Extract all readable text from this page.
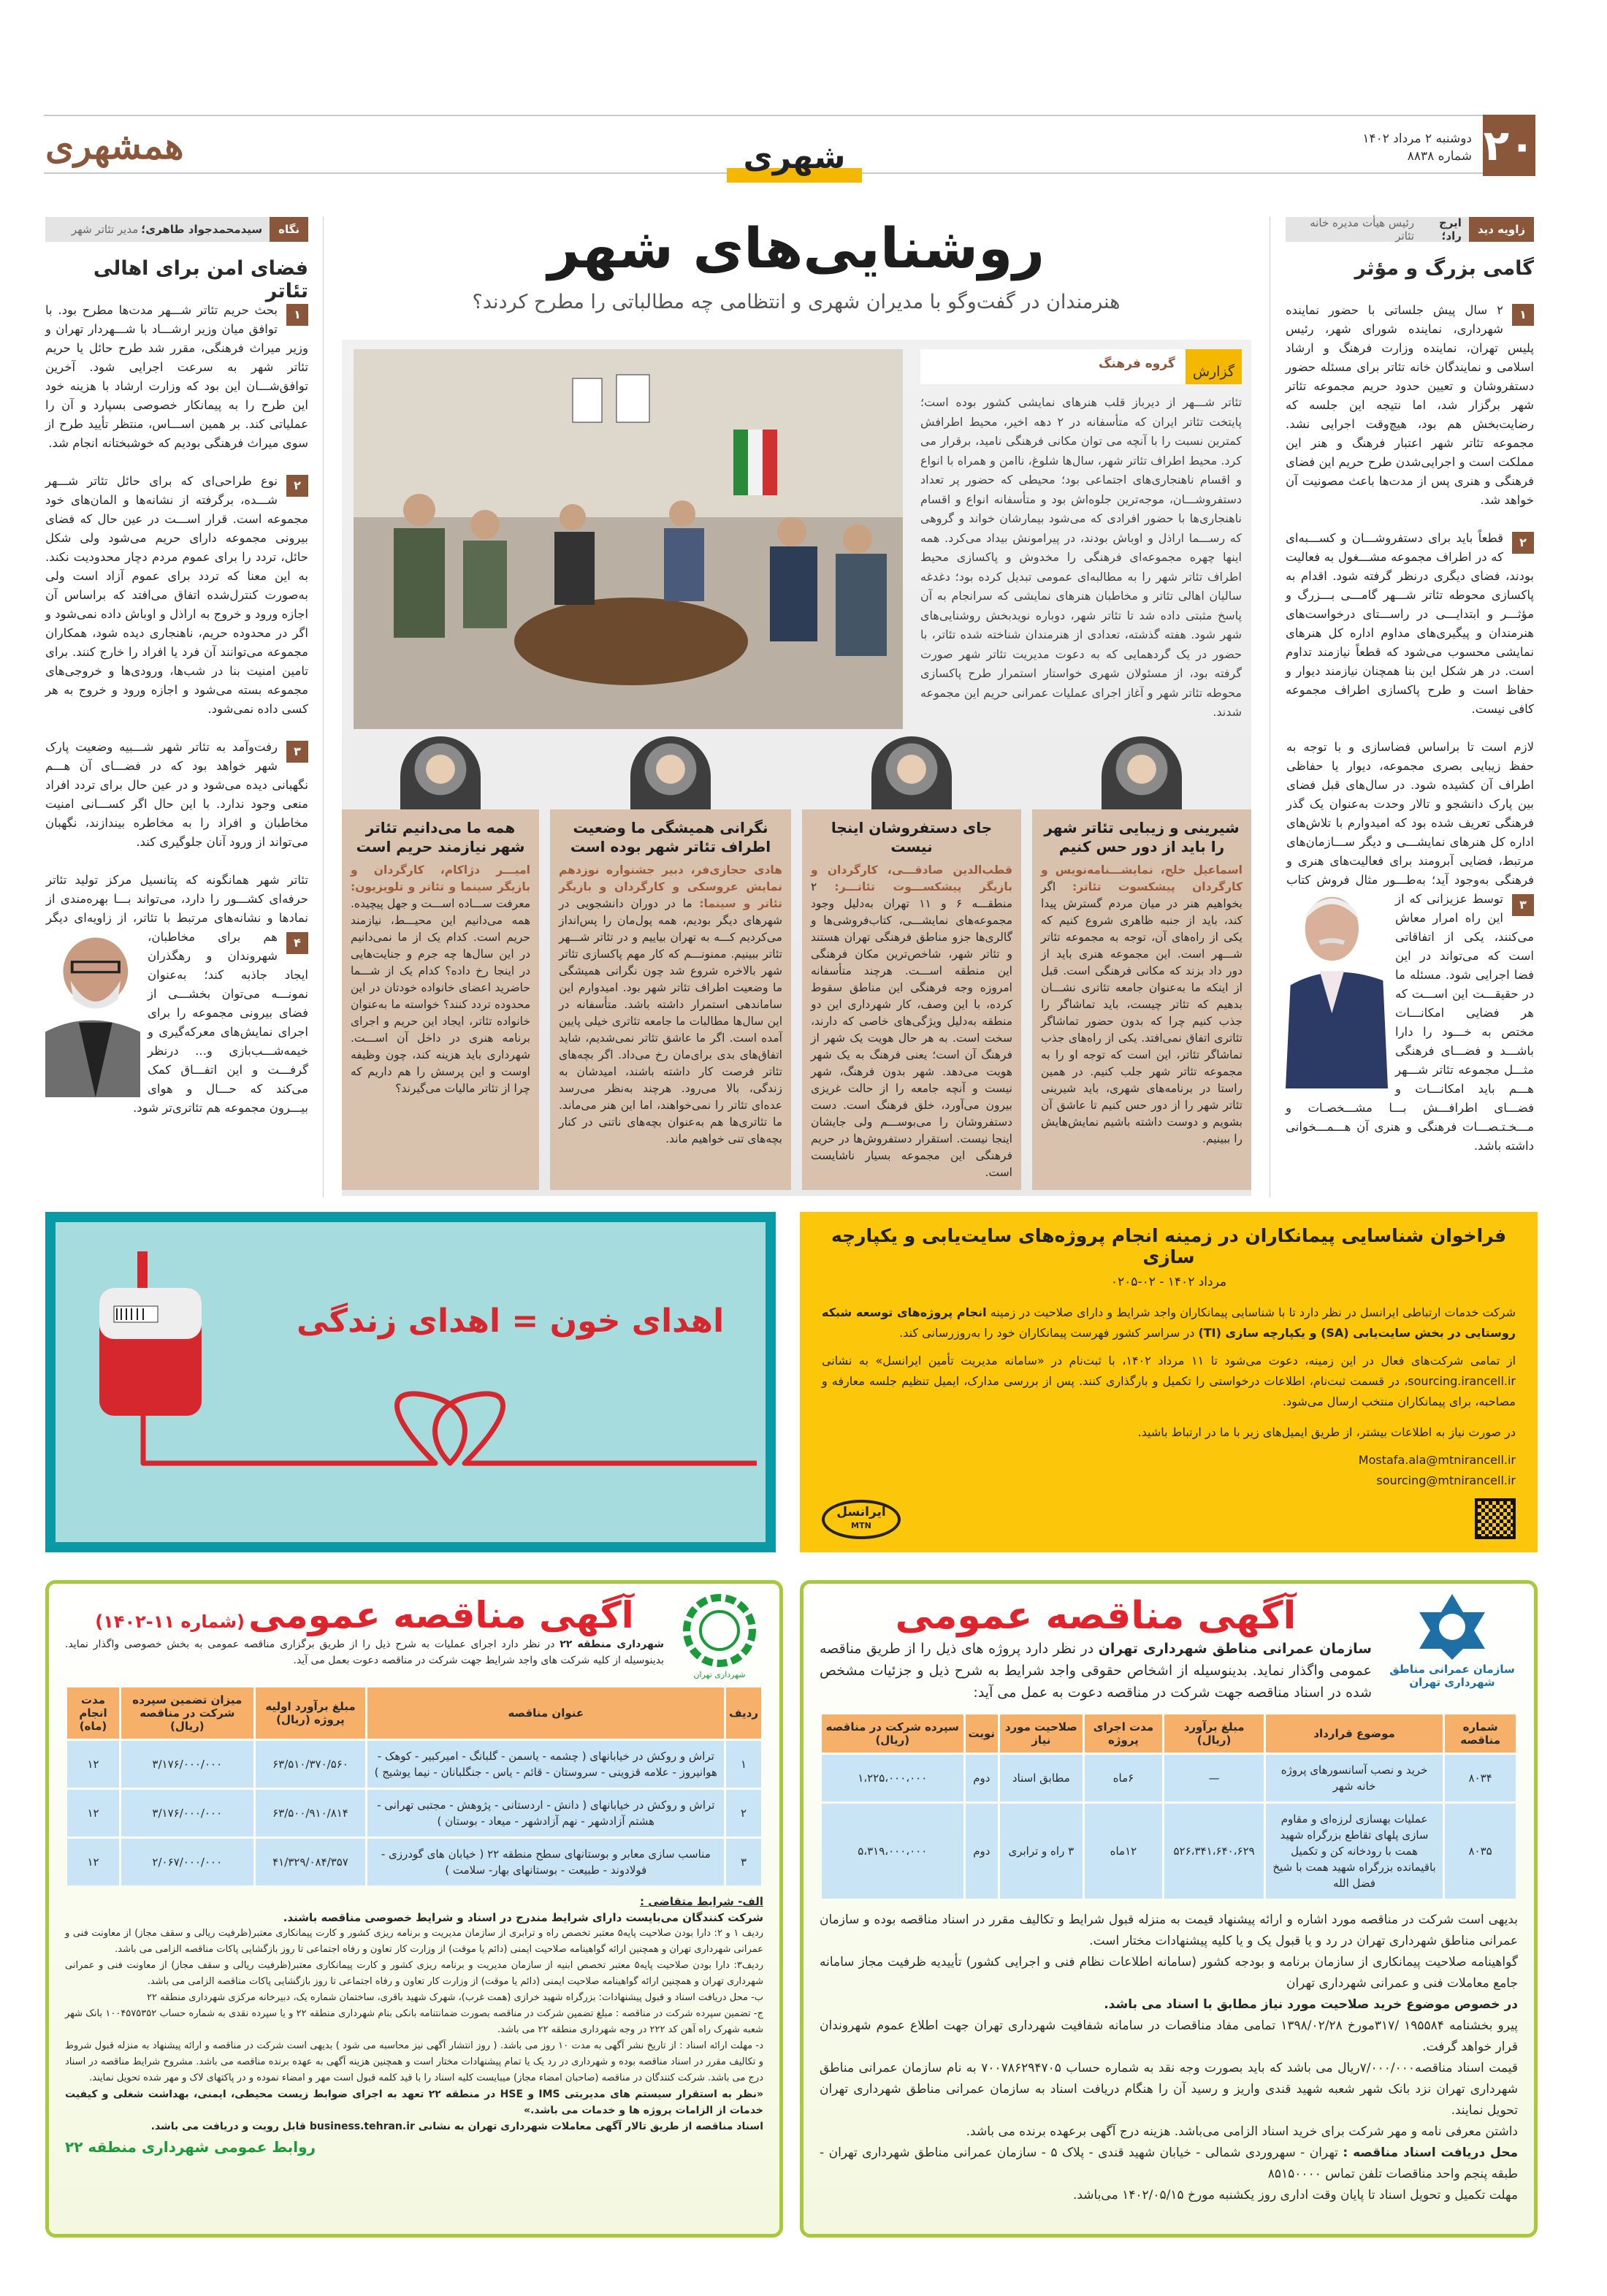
۲۰
دوشنبه ۲ مرداد ۱۴۰۲
شماره ۸۸۳۸
همشهری	شهری
زاویه دید
ایرج راد؛
رئیس هیأت مدیره خانه تئاتر
گامی بزرگ و مؤثر
۱
۲ سال پیش جلساتی با حضور نماینده شهرداری، نماینده شورای شهر، رئیس پلیس تهران، نماینده وزارت فرهنگ و ارشاد اسلامی و نمایندگان خانه تئاتر برای مسئله حضور دستفروشان و تعیین حدود حریم مجموعه تئاتر شهر برگزار شد، اما نتیجه این جلسه که رضایت‌بخش هم بود، هیچ‌وقت اجرایی نشد. مجموعه تئاتر شهر اعتبار فرهنگ و هنر این مملکت است و اجرایی‌شدن طرح حریم این فضای فرهنگی و هنری پس از مدت‌ها باعث مصونیت آن خواهد شد.
۲
قطعاً باید برای دستفروشـــان و کســـبه‌ای که در اطراف مجموعه مشـــغول به فعالیت بودند، فضای دیگری درنظر گرفته شود. اقدام به پاکسازی محوطه تئاتر شـــهر گامـــی بـــزرگ و مؤثـــر و ابتدایـــی در راســـتای درخواست‌های هنرمندان و پیگیری‌های مداوم اداره کل هنرهای نمایشی محسوب می‌شود که قطعاً نیازمند تداوم است. در هر شکل این بنا همچنان نیازمند دیوار و حفاظ است و طرح پاکسازی اطراف مجموعه کافی نیست.
۳
لازم است تا براساس فضاسازی و با توجه به حفظ زیبایی بصری مجموعه، دیوار یا حفاظی اطراف آن کشیده شود. در سال‌های قبل فضای بین پارک دانشجو و تالار وحدت به‌عنوان یک گذر فرهنگی تعریف شده بود که امیدوارم با تلاش‌های اداره کل هنرهای نمایشـــی و دیگر ســـازمان‌های مرتبط، فضایی آبرومند برای فعالیت‌های هنری و فرهنگی به‌وجود آید؛ به‌طـــور مثال فروش کتاب توسط عزیزانی که از این راه امرار معاش می‌کنند، یکی از اتفاقاتی است که می‌تواند در این فضا اجرایی شود. مسئله ما در حقیقـــت این اســـت که هر فضایی امکانـــات مختص به خـــود را دارا باشـــد و فضـــای فرهنگی مثـــل مجموعه تئاتر شـــهر هـــم باید امکانـــات و فضـــای اطرافـــش بـــا مشـــخصـات و مـــخـتـصـــات فرهنگی و هنری آن هـــمـــخوانی داشته باشد.
نگاه
سیدمحمدجواد طاهری؛
مدیر تئاتر شهر
فضای امن برای اهالی تئاتر
۱
بحث حریم تئاتر شـــهر مدت‌ها مطرح بود. با توافق میان وزیر ارشـــاد با شـــهردار تهران و وزیر میراث فرهنگی، مقرر شد طرح حائل یا حریم تئاتر شهر به سرعت اجرایی شود. آخرین توافق‌شـــان این بود که وزارت ارشاد با هزینه خود این طرح را به پیمانکار خصوصی بسپارد و آن را عملیاتی کند. بر همین اســـاس، منتظر تأیید طرح از سوی میراث فرهنگی بودیم که خوشبختانه انجام شد.
۲
نوع طراحی‌ای که برای حائل تئاتر شـــهر شـــده، برگرفته از نشانه‌ها و المان‌های خود مجموعه است. قرار اســـت در عین حال که فضای بیرونی مجموعه دارای حریم می‌شود ولی شکل حائل، تردد را برای عموم مردم دچار محدودیت نکند. به این معنا که تردد برای عموم آزاد است ولی به‌صورت کنترل‌شده اتفاق می‌افتد که براساس آن اجازه ورود و خروج به اراذل و اوباش داده نمی‌شود و اگر در محدوده حریم، ناهنجاری دیده شود، همکاران مجموعه می‌توانند آن فرد یا افراد را خارج کنند. برای تامین امنیت بنا در شب‌ها، ورودی‌ها و خروجی‌های مجموعه بسته می‌شود و اجازه ورود و خروج به هر کسی داده نمی‌شود.
۳
رفت‌وآمد به تئاتر شهر شـــبیه وضعیت پارک شهر خواهد بود که در فضـــای آن هـــم نگهبانی دیده می‌شود و در عین حال برای تردد افراد منعی وجود ندارد. با این حال اگر کســـانی امنیت مخاطبان و افراد را به مخاطره بیندازند، نگهبان می‌تواند از ورود آنان جلوگیری کند.
۴
تئاتر شهر همانگونه که پتانسیل مرکز تولید تئاتر حرفه‌ای کشـــور را دارد، می‌تواند بـــا بهره‌مندی از نمادها و نشانه‌های مرتبط با تئاتر، از زاویه‌ای دیگر هم برای مخاطبان، شهروندان و رهگذران ایجاد جاذبه کند؛ به‌عنوان نمونـــه می‌توان بخشـــی از فضای بیرونی مجموعه را برای اجرای نمایش‌های معرکه‌گیری و خیمه‌شـــب‌بازی و... درنظر گرفـــت و این اتفـــاق کمک می‌کند که حـــال و هوای بیـــرون مجموعه هم تئاتری‌تر شود.
روشنایی‌های شهر
هنرمندان در گفت‌وگو با مدیران شهری و انتظامی چه مطالباتی را مطرح کردند؟
گزارش
گروه فرهنگ
تئاتر شـــهر از دیرباز قلب هنرهای نمایشی کشور بوده است؛ پایتخت تئاتر ایران که متأسفانه در ۲ دهه اخیر، محیط اطرافش کمترین نسبت را با آنچه می توان مکانی فرهنگی نامید، برقرار می کرد. محیط اطراف تئاتر شهر، سال‌ها شلوغ، ناامن و همراه با انواع و اقسام ناهنجاری‌های اجتماعی بود؛ محیطی که حضور پر تعداد دستفروشـــان، موجه‌ترین جلوه‌اش بود و متأسفانه انواع و اقسام ناهنجاری‌ها با حضور افرادی که می‌شود بیمارشان خواند و گروهی که رســـما اراذل و اوباش بودند، در پیرامونش بیداد می‌کرد. همه اینها چهره مجموعه‌ای فرهنگی را مخدوش و پاکسازی محیط اطراف تئاتر شهر را به مطالبه‌ای عمومی تبدیل کرده بود؛ دغدغه سالیان اهالی تئاتر و مخاطبان هنرهای نمایشی که سرانجام به آن پاسخ مثبتی داده شد تا تئاتر شهر، دوباره نویدبخش روشنایی‌های شهر شود. هفته گذشته، تعدادی از هنرمندان شناخته شده تئاتر، با حضور در یک گردهمایی که به دعوت مدیریت تئاتر شهر صورت گرفته بود، از مسئولان شهری خواستار استمرار طرح پاکسازی محوطه تئاتر شهر و آغاز اجرای عملیات عمرانی حریم این مجموعه شدند.
شیرینی و زیبایی تئاتر شهر را باید از دور حس کنیم
اسماعیل خلج، نمایشـــنامه‌نویس و کارگردان پیشکسوت تئاتر: اگر بخواهیم هنر در میان مردم گسترش پیدا کند، باید از جنبه ظاهری شروع کنیم که یکی از راه‌های آن، توجه به مجموعه تئاتر شـــهر است. این مجموعه هنری باید از دور داد بزند که مکانی فرهنگی است. قبل از اینکه ما به‌عنوان جامعه تئاتری نشـــان بدهیم که تئاتر چیست، باید تماشاگر را جذب کنیم چرا که بدون حضور تماشاگر تئاتری اتفاق نمی‌افتد. یکی از راه‌های جذب تماشاگر تئاتر، این است که توجه او را به مجموعه تئاتر شهر جلب کنیم. در همین راستا در برنامه‌های شهری، باید شیرینی تئاتر شهر را از دور حس کنیم تا عاشق آن بشویم و دوست داشته باشیم نمایش‌هایش را ببینیم.
جای دستفروشان اینجا نیست
قطب‌الدین صادقـــی، کارگردان و بازیگر پیشکســـوت تئاتـــر: ۲ منطقـــه ۶ و ۱۱ تهران به‌دلیل وجود مجموعه‌های نمایشـــی، کتاب‌فروشی‌ها و گالری‌ها جزو مناطق فرهنگی تهران هستند و تئاتر شهر، شاخص‌ترین مکان فرهنگی این منطقه اســـت. هرچند متأسفانه امروزه وجه فرهنگی این مناطق سقوط کرده، با این وصف، کار شهرداری این دو منطقه به‌دلیل ویژگی‌های خاصی که دارند، سخت است. به هر حال هویت یک شهر از فرهنگ آن است؛ یعنی فرهنگ به یک شهر هویت می‌دهد. شهر بدون فرهنگ، شهر نیست و آنچه جامعه را از حالت غریزی بیرون می‌آورد، خلق فرهنگ است. دست دستفروشان را می‌بوســـم ولی جایشان اینجا نیست. استقرار دستفروش‌ها در حریم فرهنگی این مجموعه بسیار ناشایست است.
نگرانی همیشگی ما وضعیت اطراف تئاتر شهر بوده است
هادی حجازی‌فر، دبیر جشنواره نوزدهم نمایش عروسکی و کارگردان و بازیگر تئاتر و سینما: ما در دوران دانشجویی در شهرهای دیگر بودیم، همه پول‌مان را پس‌انداز می‌کردیم کـــه به تهران بیاییم و در تئاتر شـــهر تئاتر ببینیم. ممنونـــم که کار مهم پاکسازی تئاتر شهر بالاخره شروع شد چون نگرانی همیشگی ما وضعیت اطراف تئاتر شهر بود. امیدوارم این ساماندهی استمرار داشته باشد. متأسفانه در این سال‌ها مطالبات ما جامعه تئاتری خیلی پایین آمده است. اگر ما عاشق تئاتر نمی‌شدیم، شاید اتفاق‌های بدی برای‌مان رخ می‌داد. اگر بچه‌های تئاتر فرصت کار داشته باشند، امیدشان به زندگی، بالا می‌رود. هرچند به‌نظر می‌رسد عده‌ای تئاتر را نمی‌خواهند، اما این هنر می‌ماند. ما تئاتری‌ها هم به‌عنوان بچه‌های ناتنی در کنار بچه‌های تنی خواهیم ماند.
همه ما می‌دانیم تئاتر شهر نیازمند حریم است
امیـــر دژاکام، کارگردان و بازیگر سینما و تئاتر و تلویزیون: معرفت ســـاده اســـت و جهل پیچیده. همه می‌دانیم این محیـــط، نیازمند حریم است. کدام یک از ما نمی‌دانیم در این سال‌ها چه جرم و جنایت‌هایی در اینجا رخ داده؟ کدام یک از شـــما حاضرید اعضای خانواده خودتان در این محدوده تردد کنند؟ خواسته ما به‌عنوان خانواده تئاتر، ایجاد این حریم و اجرای برنامه هنری در داخل آن اســـت. شهرداری باید هزینه کند، چون وظیفه اوست و این پرسش را هم داریم که چرا از تئاتر مالیات می‌گیرند؟
فراخوان شناسایی پیمانکاران در زمینه انجام پروژه‌های سایت‌یابی و یکپارچه سازی
مرداد ۱۴۰۲ - ۰۲-۰۲۰۵

شرکت خدمات ارتباطی ایرانسل در نظر دارد تا با شناسایی پیمانکاران واجد شرایط و دارای صلاحیت در زمینه انجام پروژه‌های توسعه شبکه روستایی در بخش سایت‌یابی (SA) و یکپارچه سازی (TI) در سراسر کشور فهرست پیمانکاران خود را به‌روزرسانی کند.

از تمامی شرکت‌های فعال در این زمینه، دعوت می‌شود تا ۱۱ مرداد ۱۴۰۲، با ثبت‌نام در «سامانه مدیریت تأمین ایرانسل» به نشانی sourcing.irancell.ir، در قسمت ثبت‌نام، اطلاعات درخواستی را تکمیل و بارگذاری کنند. پس از بررسی مدارک، ایمیل تنظیم جلسه معارفه و مصاحبه، برای پیمانکاران منتخب ارسال می‌شود.

در صورت نیاز به اطلاعات بیشتر، از طریق ایمیل‌های زیر با ما در ارتباط باشید.

Mostafa.ala@mtnirancell.ir
sourcing@mtnirancell.ir
ایرانسل
MTN
اهدای خون = اهدای زندگی
سازمان عمرانی مناطق شهرداری تهران
آگهی مناقصه عمومی
سازمان عمرانی مناطق شهرداری تهران در نظر دارد پروژه های ذیل را از طریق مناقصه عمومی واگذار نماید. بدینوسیله از اشخاص حقوقی واجد شرایط به شرح ذیل و جزئیات مشخص شده در اسناد مناقصه جهت شرکت در مناقصه دعوت به عمل می آید:
شماره مناقصه	موضوع قرارداد	مبلغ برآورد (ریال)	مدت اجرای پروژه	صلاحیت مورد نیاز	نوبت	سپرده شرکت در مناقصه (ریال)
۸۰۳۴	خرید و نصب آسانسورهای پروژه خانه شهر	—	۶ماه	مطابق اسناد	دوم	۱،۲۲۵،۰۰۰،۰۰۰
۸۰۳۵	عملیات بهسازی لرزه‌ای و مقاوم سازی پلهای تقاطع بزرگراه شهید همت با رودخانه کن و تکمیل باقیمانده بزرگراه شهید همت با شیخ فضل الله	۵۲۶،۳۴۱،۶۴۰،۶۲۹	۱۲ماه	۳ راه و ترابری	دوم	۵،۳۱۹،۰۰۰،۰۰۰
بدیهی است شرکت در مناقصه مورد اشاره و ارائه پیشنهاد قیمت به منزله قبول شرایط و تکالیف مقرر در اسناد مناقصه بوده و سازمان عمرانی مناطق شهرداری تهران در رد و یا قبول یک و یا کلیه پیشنهادات مختار است.
گواهینامه صلاحیت پیمانکاری از سازمان برنامه و بودجه کشور (سامانه اطلاعات نظام فنی و اجرایی کشور) تأییدیه ظرفیت مجاز سامانه جامع معاملات فنی و عمرانی شهرداری تهران
در خصوص موضوع خرید صلاحیت مورد نیاز مطابق با اسناد می باشد.
پیرو بخشنامه ۱۹۵۵۸۴ /۳۱۷مورخ ۱۳۹۸/۰۲/۲۸ تمامی مفاد مناقصات در سامانه شفافیت شهرداری تهران جهت اطلاع عموم شهروندان قرار خواهد گرفت.
قیمت اسناد مناقصه۷/۰۰۰/۰۰۰ریال می باشد که باید بصورت وجه نقد به شماره حساب ۷۰۰۷۸۶۲۹۴۷۰۵ به نام سازمان عمرانی مناطق شهرداری تهران نزد بانک شهر شعبه شهید قندی واریز و رسید آن را هنگام دریافت اسناد به سازمان عمرانی مناطق شهرداری تهران تحویل نمایند.
داشتن معرفی نامه و مهر شرکت برای خرید اسناد الزامی می‌باشد. هزینه درج آگهی برعهده برنده می باشد.
محل دریافت اسناد مناقصه : تهران - سهروردی شمالی - خیابان شهید قندی - پلاک ۵ - سازمان عمرانی مناطق شهرداری تهران - طبقه پنجم واحد مناقصات تلفن تماس ۸۵۱۵۰۰۰۰
مهلت تکمیل و تحویل اسناد تا پایان وقت اداری روز یکشنبه مورخ ۱۴۰۲/۰۵/۱۵ می‌باشد.
شهرداری تهران
آگهی مناقصه عمومی (شماره ۱۱-۱۴۰۲)
شهرداری منطقه ۲۲ در نظر دارد اجرای عملیات به شرح ذیل را از طریق برگزاری مناقصه عمومی به بخش خصوصی واگذار نماید. بدینوسیله از کلیه شرکت های واجد شرایط جهت شرکت در مناقصه دعوت بعمل می آید.
ردیف	عنوان مناقصه	مبلغ برآورد اولیه پروژه (ریال)	میزان تضمین سپرده شرکت در مناقصه (ریال)	مدت انجام (ماه)
۱	تراش و روکش در خیابانهای ( چشمه - یاسمن - گلبانگ - امیرکبیر - کوهک - هوانیروز - علامه قزوینی - سروستان - قائم - یاس - جنگلبانان - نیما یوشیج )	۶۳/۵۱۰/۳۷۰/۵۶۰	۳/۱۷۶/۰۰۰/۰۰۰	۱۲
۲	تراش و روکش در خیابانهای ( دانش - اردستانی - پژوهش - مجتبی تهرانی - هشتم آزادشهر - نهم آزادشهر - میعاد - بوستان )	۶۳/۵۰۰/۹۱۰/۸۱۴	۳/۱۷۶/۰۰۰/۰۰۰	۱۲
۳	مناسب سازی معابر و بوستانهای سطح منطقه ۲۲ ( خیابان های گودرزی - فولادوند - طبیعت - بوستانهای بهار- سلامت )	۴۱/۳۲۹/۰۸۴/۳۵۷	۲/۰۶۷/۰۰۰/۰۰۰	۱۲
الف- شرایط متقاضی :
شرکت کنندگان می‌بایست دارای شرایط مندرج در اسناد و شرایط خصوصی مناقصه باشند.
ردیف ۱ و ۲: دارا بودن صلاحیت پایه۵ معتبر تخصص راه و ترابری از سازمان مدیریت و برنامه ریزی کشور و کارت پیمانکاری معتبر(ظرفیت ریالی و سقف مجاز) از معاونت فنی و عمرانی شهرداری تهران و همچنین ارائه گواهینامه صلاحیت ایمنی (دائم یا موقت) از وزارت کار تعاون و رفاه اجتماعی تا روز بازگشایی پاکات مناقصه الزامی می باشد.
ردیف۳: دارا بودن صلاحیت پایه۵ معتبر تخصص ابنیه از سازمان مدیریت و برنامه ریزی کشور و کارت پیمانکاری معتبر(ظرفیت ریالی و سقف مجاز) از معاونت فنی و عمرانی شهرداری تهران و همچنین ارائه گواهینامه صلاحیت ایمنی (دائم یا موقت) از وزارت کار تعاون و رفاه اجتماعی تا روز بازگشایی پاکات مناقصه الزامی می باشد.
ب- محل دریافت اسناد و قبول پیشنهادات: بزرگراه شهید خرازی (همت غرب)، شهرک شهید باقری، ساختمان شماره یک، دبیرخانه مرکزی شهرداری منطقه ۲۲
ج- تضمین سپرده شرکت در مناقصه : مبلغ تضمین شرکت در مناقصه بصورت ضمانتنامه بانکی بنام شهرداری منطقه ۲۲ و یا سپرده نقدی به شماره حساب ۱۰۰۴۵۷۵۳۵۲ بانک شهر شعبه شهرک راه آهن کد ۲۲۲ در وجه شهرداری منطقه ۲۲ می باشد.
د- مهلت ارائه اسناد : از تاریخ نشر آگهی به مدت ۱۰ روز می باشد. ( روز انتشار آگهی نیز محاسبه می شود ) بدیهی است شرکت در مناقصه و ارائه پیشنهاد به منزله قبول شروط و تکالیف مقرر در اسناد مناقصه بوده و شهرداری در رد یک یا تمام پیشنهادات مختار است و همچنین هزینه آگهی به عهده برنده مناقصه می باشد. مشروح شرایط مناقصه در اسناد درج می باشد. شرکت کنندگان در مناقصه (صاحبان امضاء مجاز) میبایست کلیه اسناد را با قید کلمه قبول است مهر و امضاء نموده و در پاکتهای لاک و مهر شده تحویل نمایند.
«نظر به استقرار سیستم های مدیریتی IMS و HSE در منطقه ۲۲ تعهد به اجرای ضوابط زیست محیطی، ایمنی، بهداشت شغلی و کیفیت خدمات از الزامات پروژه ها و خدمات می باشد.»
اسناد مناقصه از طریق تالار آگهی معاملات شهرداری تهران به نشانی business.tehran.ir قابل رویت و دریافت می باشد.
روابط عمومی شهرداری منطقه ۲۲
